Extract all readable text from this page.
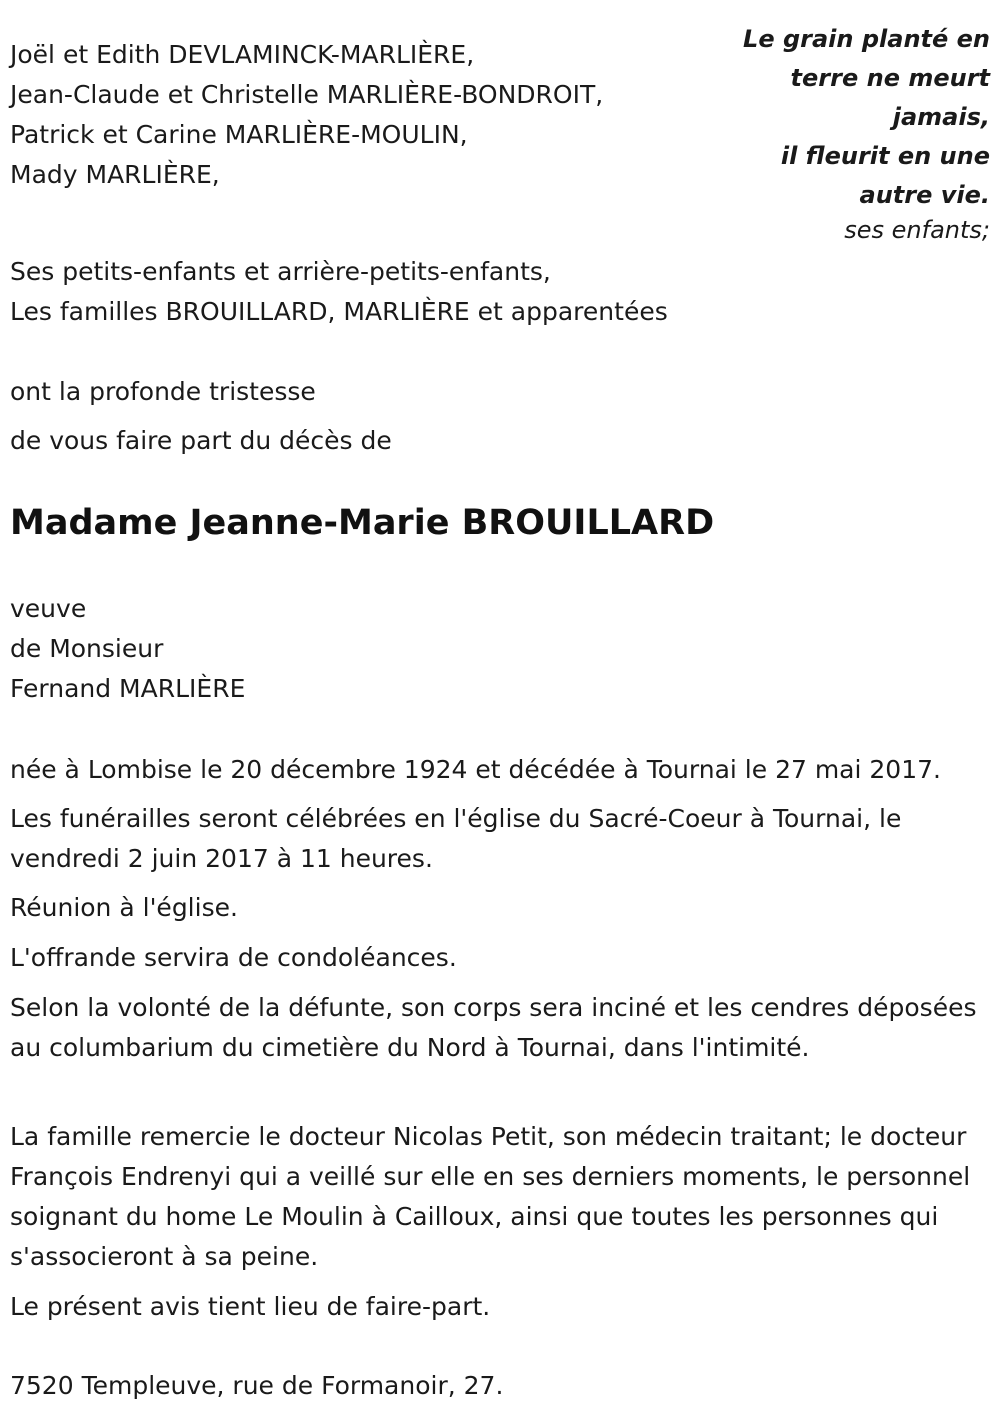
Joël et Edith DEVLAMINCK-MARLIÈRE,
Jean-Claude et Christelle MARLIÈRE-BONDROIT,
Patrick et Carine MARLIÈRE-MOULIN,
Mady MARLIÈRE,
Le grain planté en
terre ne meurt
jamais,
il fleurit en une
autre vie.
ses enfants;
Ses petits-enfants et arrière-petits-enfants,
Les familles BROUILLARD, MARLIÈRE et apparentées
ont la profonde tristesse
de vous faire part du décès de
Madame Jeanne-Marie BROUILLARD
veuve
de Monsieur
Fernand MARLIÈRE
née à Lombise le 20 décembre 1924 et décédée à Tournai le 27 mai 2017.
Les funérailles seront célébrées en l'église du Sacré-Coeur à Tournai, le vendredi 2 juin 2017 à 11 heures.
Réunion à l'église.
L'offrande servira de condoléances.
Selon la volonté de la défunte, son corps sera inciné et les cendres déposées au columbarium du cimetière du Nord à Tournai, dans l'intimité.
La famille remercie le docteur Nicolas Petit, son médecin traitant; le docteur François Endrenyi qui a veillé sur elle en ses derniers moments, le personnel soignant du home Le Moulin à Cailloux, ainsi que toutes les personnes qui s'associeront à sa peine.
Le présent avis tient lieu de faire-part.
7520 Templeuve, rue de Formanoir, 27.
